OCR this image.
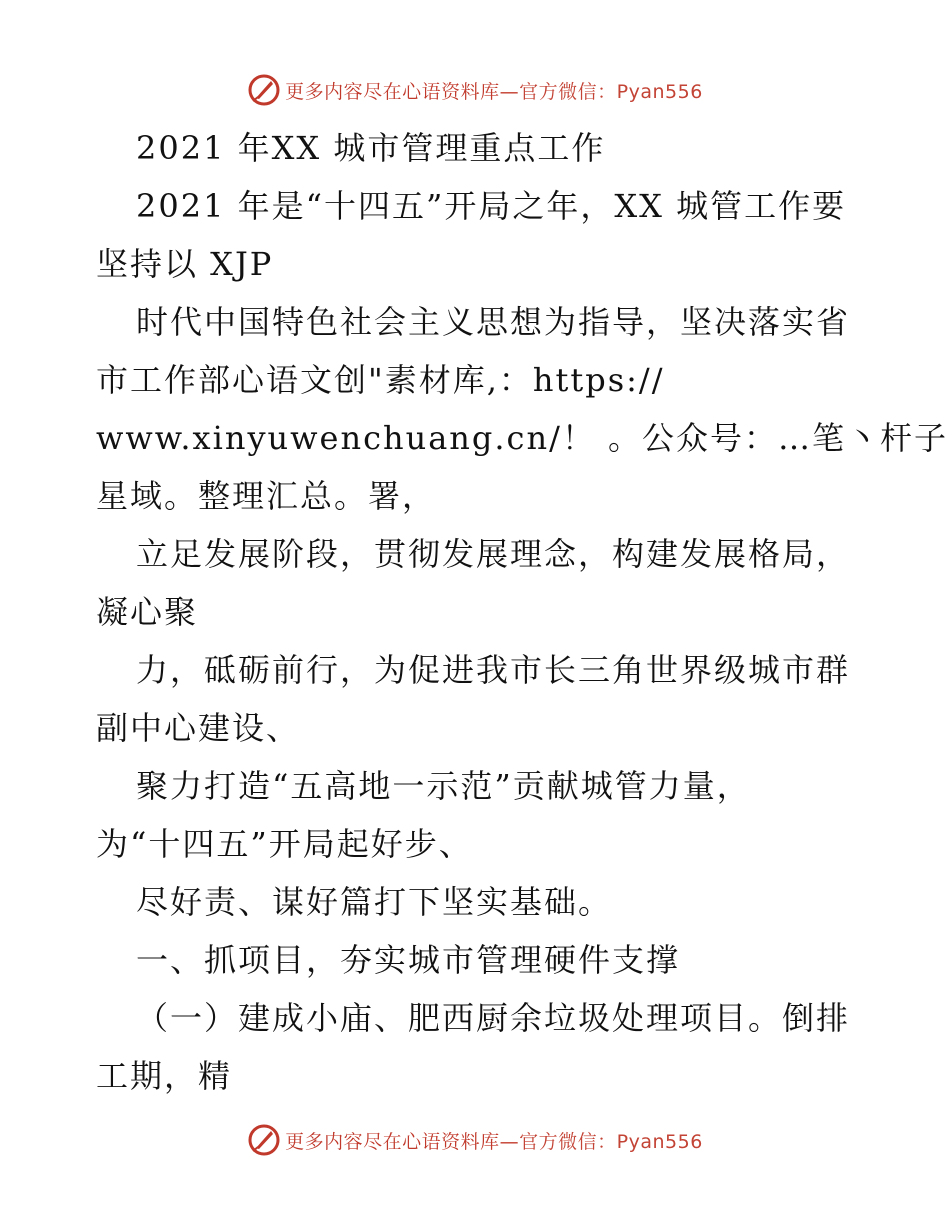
更多内容尽在心语资料库—官方微信：Pyan556
2021 年XX 城市管理重点工作
2021 年是“十四五”开局之年，XX 城管工作要
坚持以 XJP
时代中国特色社会主义思想为指导，坚决落实省
市工作部心语文创"素材库,：https://
www.xinyuwenchuang.cn/！ 。公众号：…笔丶杆子
星域。整理汇总。署，
立足发展阶段，贯彻发展理念，构建发展格局，
凝心聚
力，砥砺前行，为促进我市长三角世界级城市群
副中心建设、
聚力打造“五高地一示范”贡献城管力量，
为“十四五”开局起好步、
尽好责、谋好篇打下坚实基础。
一、抓项目，夯实城市管理硬件支撑
（一）建成小庙、肥西厨余垃圾处理项目。倒排
工期，精
更多内容尽在心语资料库—官方微信：Pyan556
